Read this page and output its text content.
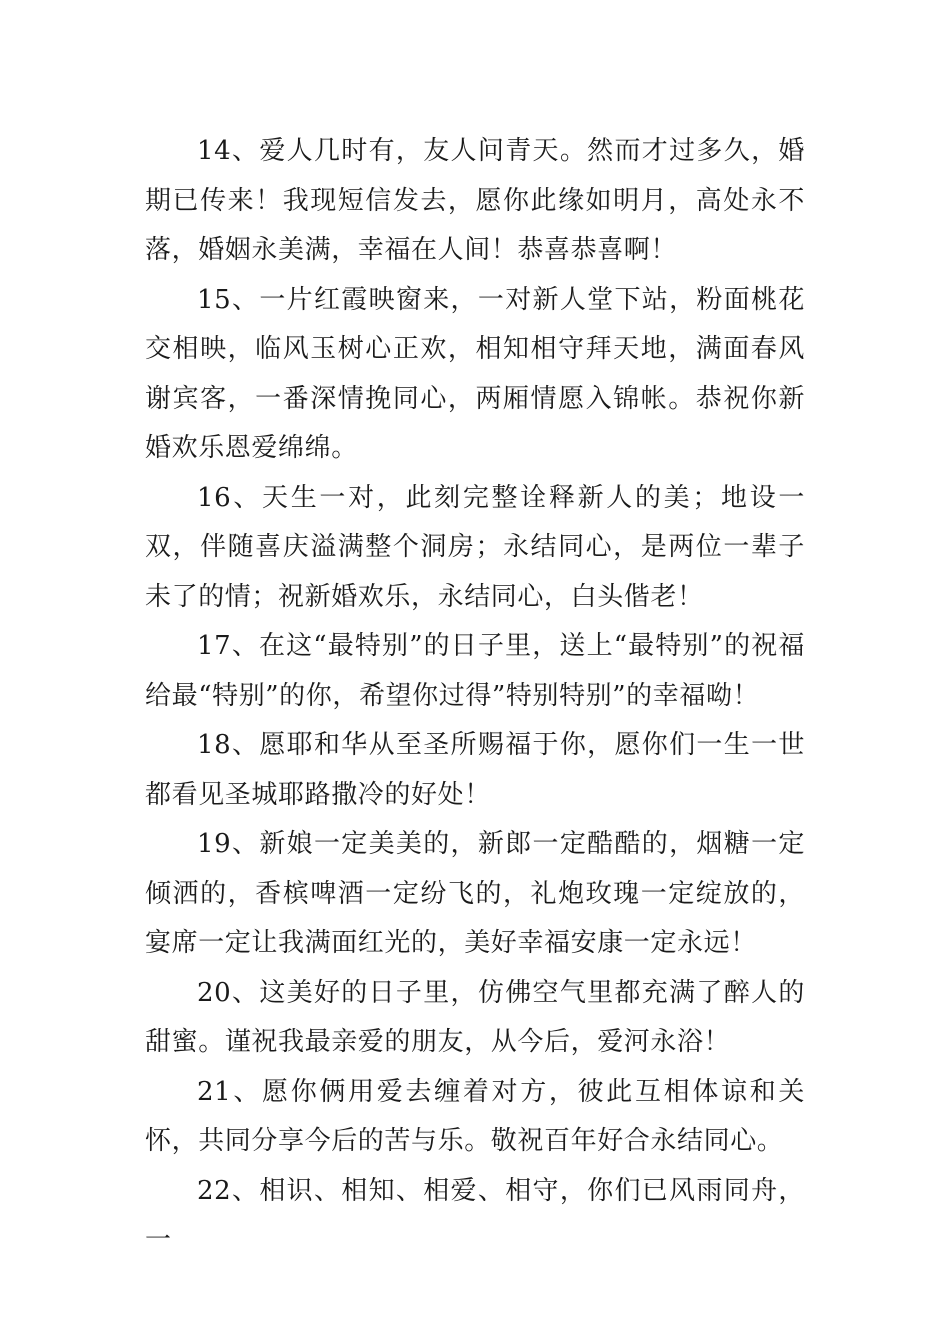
14、爱人几时有，友人问青天。然而才过多久，婚期已传来！我现短信发去，愿你此缘如明月，高处永不落，婚姻永美满，幸福在人间！恭喜恭喜啊！

15、一片红霞映窗来，一对新人堂下站，粉面桃花交相映，临风玉树心正欢，相知相守拜天地，满面春风谢宾客，一番深情挽同心，两厢情愿入锦帐。恭祝你新婚欢乐恩爱绵绵。

16、天生一对，此刻完整诠释新人的美；地设一双，伴随喜庆溢满整个洞房；永结同心，是两位一辈子未了的情；祝新婚欢乐，永结同心，白头偕老！

17、在这“最特别”的日子里，送上“最特别”的祝福给最“特别”的你，希望你过得”特别特别”的幸福呦！

18、愿耶和华从至圣所赐福于你，愿你们一生一世都看见圣城耶路撒冷的好处！

19、新娘一定美美的，新郎一定酷酷的，烟糖一定倾洒的，香槟啤酒一定纷飞的，礼炮玫瑰一定绽放的，宴席一定让我满面红光的，美好幸福安康一定永远！

20、这美好的日子里，仿佛空气里都充满了醉人的甜蜜。谨祝我最亲爱的朋友，从今后，爱河永浴！

21、愿你俩用爱去缠着对方，彼此互相体谅和关怀，共同分享今后的苦与乐。敬祝百年好合永结同心。

22、相识、相知、相爱、相守，你们已风雨同舟，一
